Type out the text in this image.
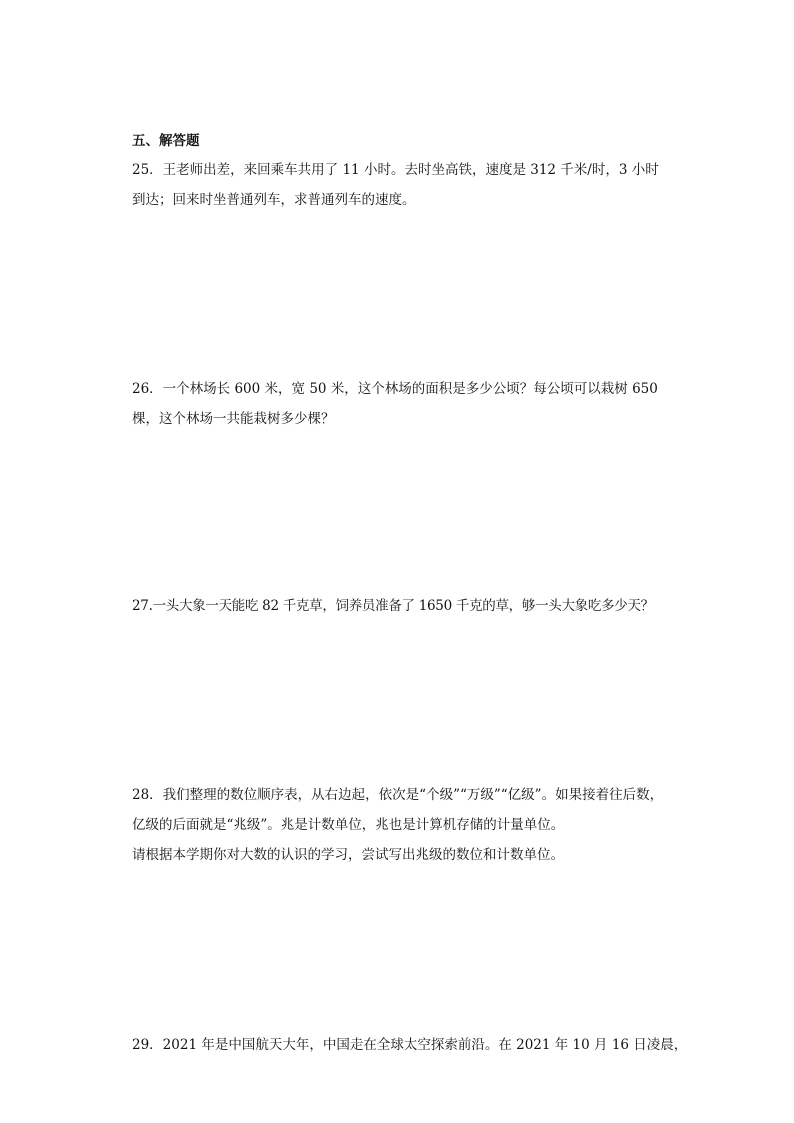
五、解答题
25．王老师出差，来回乘车共用了 11 小时。去时坐高铁，速度是 312 千米/时，3 小时
到达；回来时坐普通列车，求普通列车的速度。
26．一个林场长 600 米，宽 50 米，这个林场的面积是多少公顷？每公顷可以栽树 650
棵，这个林场一共能栽树多少棵？
27.一头大象一天能吃 82 千克草，饲养员准备了 1650 千克的草，够一头大象吃多少天？
28．我们整理的数位顺序表，从右边起，依次是“个级”“万级”“亿级”。如果接着往后数，
亿级的后面就是“兆级”。兆是计数单位，兆也是计算机存储的计量单位。
请根据本学期你对大数的认识的学习，尝试写出兆级的数位和计数单位。
29．2021 年是中国航天大年，中国走在全球太空探索前沿。在 2021 年 10 月 16 日凌晨，
